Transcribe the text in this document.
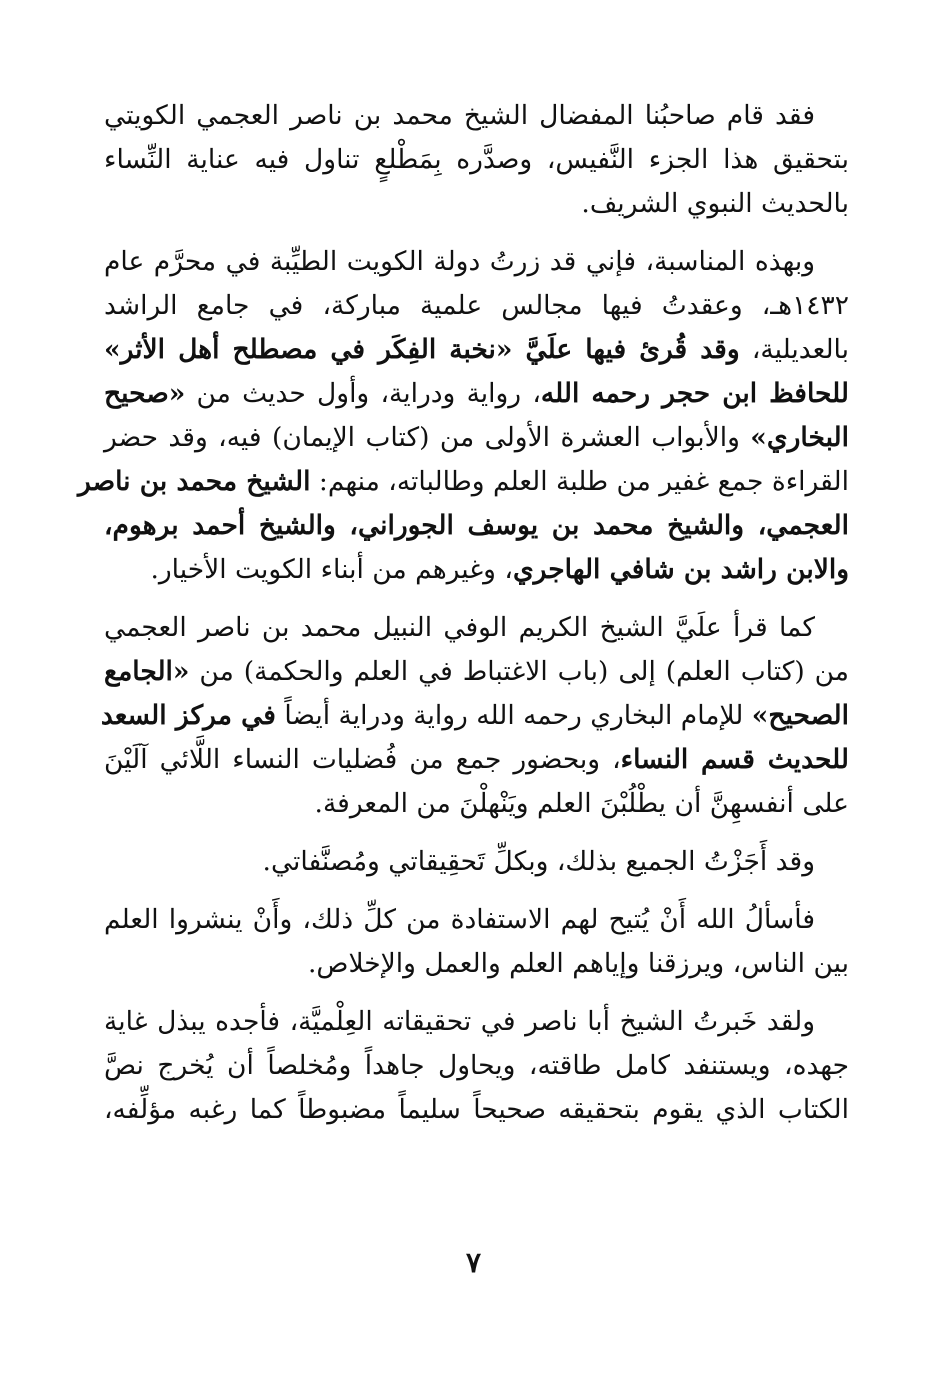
فقد قام صاحبُنا المفضال الشيخ محمد بن ناصر العجمي الكويتي
بتحقيق هذا الجزء النَّفيس، وصدَّره بِمَطْلعٍ تناول فيه عناية النِّساء
بالحديث النبوي الشريف.
وبهذه المناسبة، فإني قد زرتُ دولة الكويت الطيِّبة في محرَّم عام
١٤٣٢هـ، وعقدتُ فيها مجالس علمية مباركة، في جامع الراشد
بالعديلية، وقد قُرئ فيها علَيَّ «نخبة الفِكَر في مصطلح أهل الأثر»
للحافظ ابن حجر رحمه الله، رواية ودراية، وأول حديث من «صحيح
البخاري» والأبواب العشرة الأولى من (كتاب الإيمان) فيه، وقد حضر
القراءة جمع غفير من طلبة العلم وطالباته، منهم: الشيخ محمد بن ناصر
العجمي، والشيخ محمد بن يوسف الجوراني، والشيخ أحمد برهوم،
والابن راشد بن شافي الهاجري، وغيرهم من أبناء الكويت الأخيار.
كما قرأ علَيَّ الشيخ الكريم الوفي النبيل محمد بن ناصر العجمي
من (كتاب العلم) إلى (باب الاغتباط في العلم والحكمة) من «الجامع
الصحيح» للإمام البخاري رحمه الله رواية ودراية أيضاً في مركز السعد
للحديث قسم النساء، وبحضور جمع من فُضليات النساء اللَّائي آلَيْنَ
على أنفسهِنَّ أن يطْلُبْنَ العلم ويَنْهلْنَ من المعرفة.
وقد أَجَزْتُ الجميع بذلك، وبكلِّ تَحقِيقاتي ومُصنَّفاتي.
فأسألُ الله أَنْ يُتيح لهم الاستفادة من كلِّ ذلك، وأَنْ ينشروا العلم
بين الناس، ويرزقنا وإياهم العلم والعمل والإخلاص.
ولقد خَبرتُ الشيخ أبا ناصر في تحقيقاته العِلْميَّة، فأجده يبذل غاية
جهده، ويستنفد كامل طاقته، ويحاول جاهداً ومُخلصاً أن يُخرج نصَّ
الكتاب الذي يقوم بتحقيقه صحيحاً سليماً مضبوطاً كما رغبه مؤلِّفه،
٧
